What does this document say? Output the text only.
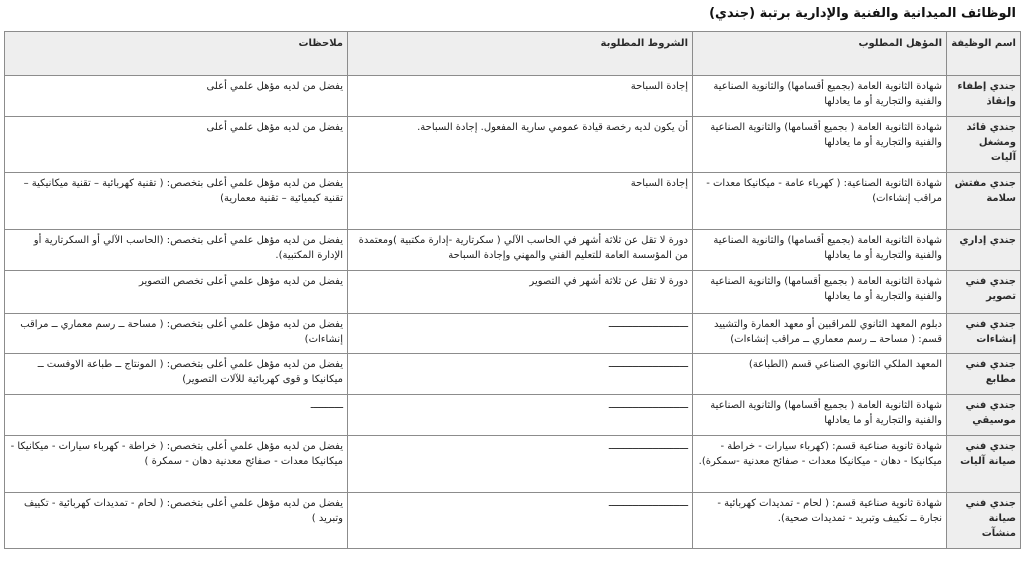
الوظائف الميدانية والفنية والإدارية برتبة (جندي)
اسم الوظيفة	المؤهل المطلوب	الشروط المطلوبة	ملاحظات
جندي إطفاء وإنقاذ	شهادة الثانوية العامة (بجميع أقسامها) والثانوية الصناعية والفنية والتجارية أو ما يعادلها	إجادة السباحة	يفضل من لديه مؤهل علمي أعلى
جندي قائد ومشغل آليات	شهادة الثانوية العامة ( بجميع أقسامها) والثانوية الصناعية والفنية والتجارية أو ما يعادلها	أن يكون لديه رخصة قيادة عمومي سارية المفعول. إجادة السباحة.	يفضل من لديه مؤهل علمي أعلى
جندي مفتش سلامة	شهادة الثانوية الصناعية: ( كهرباء عامة - ميكانيكا معدات - مراقب إنشاءات)	إجادة السباحة	يفضل من لديه مؤهل علمي أعلى بتخصص: ( تقنية كهربائية – تقنية ميكانيكية – تقنية كيميائية – تقنية معمارية)
جندي إداري	شهادة الثانوية العامة (بجميع أقسامها) والثانوية الصناعية والفنية والتجارية أو ما يعادلها	دورة لا تقل عن ثلاثة أشهر في الحاسب الآلي ( سكرتارية -إدارة مكتبية )ومعتمدة من المؤسسة العامة للتعليم الفني والمهني وإجادة السباحة	يفضل من لديه مؤهل علمي أعلى بتخصص: (الحاسب الآلي أو السكرتارية أو الإدارة المكتبية).
جندي فني تصوير	شهادة الثانوية العامة ( بجميع أقسامها) والثانوية الصناعية والفنية والتجارية أو ما يعادلها	دورة لا تقل عن ثلاثة أشهر في التصوير	يفضل من لديه مؤهل علمي أعلى تخصص التصوير
جندي فني إنشاءات	دبلوم المعهد الثانوي للمراقبين أو معهد العمارة والتشييد قسم: ( مساحة ــ رسم معماري ــ مراقب إنشاءات)	ـــــــــــــــــــــــــــ	يفضل من لديه مؤهل علمي أعلى بتخصص: ( مساحة ــ رسم معماري ــ مراقب إنشاءات)
جندي فني مطابع	المعهد الملكي الثانوي الصناعي قسم (الطباعة)	ـــــــــــــــــــــــــــ	يفضل من لديه مؤهل علمي أعلى بتخصص: ( المونتاج ــ طباعة الاوفست ــ ميكانيكا و قوى كهربائية للآلات التصوير)
جندي فني موسيقي	شهادة الثانوية العامة ( بجميع أقسامها) والثانوية الصناعية والفنية والتجارية أو ما يعادلها	ـــــــــــــــــــــــــــ	ـــــــــــ
جندي فني صيانة آليات	شهادة ثانوية صناعية قسم: (كهرباء سيارات - خراطة - ميكانيكا - دهان - ميكانيكا معدات - صفائح معدنية -سمكرة).	ـــــــــــــــــــــــــــ	يفضل من لديه مؤهل علمي أعلى بتخصص: ( خراطة - كهرباء سيارات - ميكانيكا - ميكانيكا معدات - صفائح معدنية دهان - سمكرة )
جندي فني صيانة منشآت	شهادة ثانوية صناعية قسم: ( لحام - تمديدات كهربائية - نجارة ــ تكييف وتبريد - تمديدات صحية).	ـــــــــــــــــــــــــــ	يفضل من لديه مؤهل علمي أعلى بتخصص: ( لحام - تمديدات كهربائية - تكييف وتبريد )
